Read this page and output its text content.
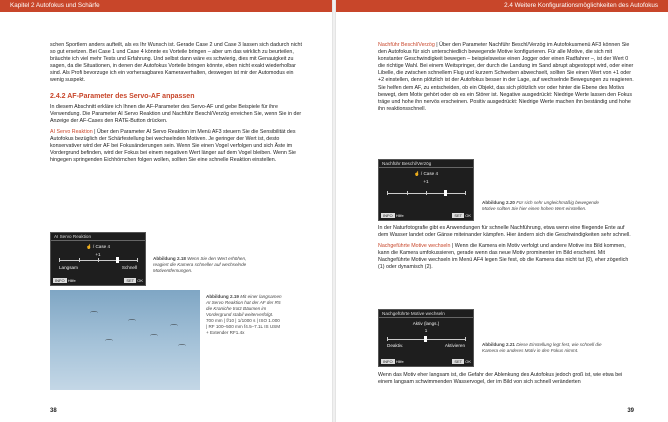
Kapitel 2 Autofokus und Schärfe	2.4 Weitere Konfigurationsmöglichkeiten des Autofokus

schen Sportlern anders aufteilt, als es Ihr Wunsch ist. Gerade Case 2 und Case 3 lassen sich dadurch nicht so gut ersetzen. Bei Case 1 und Case 4 könnte es Vorteile bringen – aber um das wirklich zu beurteilen, bräuchte ich viel mehr Tests und Erfahrung. Und selbst dann wäre es schwierig, dies mit Genauigkeit zu sagen, da die Situationen, in denen der Autofokus Vorteile bringen könnte, eben nicht exakt wiederholbar sind. Als Profi bevorzuge ich ein vorhersagbares Kameraverhalten, deswegen ist mir der Automodus ein wenig suspekt.

2.4.2 AF-Parameter des Servo-AF anpassen

In diesem Abschnitt erkläre ich Ihnen die AF-Parameter des Servo-AF und gebe Beispiele für ihre Verwendung. Die Parameter AI Servo Reaktion und Nachführ Beschl/Verzög erreichen Sie, wenn Sie in der Anzeige der AF-Cases den RATE-Button drücken.

AI Servo Reaktion | Über den Parameter AI Servo Reaktion im Menü AF3 steuern Sie die Sensibilität des Autofokus bezüglich der Schärfestellung bei wechselnden Motiven. Je geringer der Wert ist, desto konservativer wird der AF bei Fokusänderungen sein. Wenn Sie einen Vogel verfolgen und sich Äste im Vordergrund befinden, wird der Fokus bei einem negativen Wert länger auf dem Vogel bleiben. Wenn Sie hingegen springenden Eichhörnchen folgen wollen, sollten Sie eine schnelle Reaktion einstellen.

AI Servo Reaktion
☝ / Case 4
+1
Langsam	Schnell
INFO Hilfe	SET OK
Abbildung 2.18 Wenn Sie den Wert erhöhen, reagiert die Kamera schneller auf wechselnde Motiventfernungen.
⌒
⌒
⌒
⌒
⌒
⌒
Abbildung 2.19 Mit einer langsamen AI Servo Reaktion hat der AF der R5 die Kraniche trotz Bäumen im Vordergrund stabil weiterverfolgt.
700 mm | f/10 | 1/1000 s | ISO 1.000 | RF 100–500 mm f4.5–7.1L IS USM + Extender RF1.4x
38

Nachführ Beschl/Verzög | Über den Parameter Nachführ Beschl/Verzög im Autofokusmenü AF3 können Sie den Autofokus für sich unterschiedlich bewegende Motive konfigurieren. Für alle Motive, die sich mit konstanter Geschwindigkeit bewegen – beispielsweise einen Jogger oder einen Radfahrer –, ist der Wert 0 die richtige Wahl. Bei einem Weitspringer, der durch die Landung im Sand abrupt abgestoppt wird, oder einer Libelle, die zwischen schnellem Flug und kurzem Schweben abwechselt, sollten Sie einen Wert von +1 oder +2 einstellen, denn plötzlich ist der Autofokus besser in der Lage, auf wechselnde Bewegungen zu reagieren. Sie helfen dem AF, zu entscheiden, ob ein Objekt, das sich plötzlich vor oder hinter die Ebene des Motivs bewegt, dem Motiv gehört oder ob es ein Störer ist. Negative ausgedrückt: Niedrige Werte lassen den Fokus träge und hohe ihn nervös erscheinen. Positiv ausgedrückt: Niedrige Werte machen ihn beständig und hohe ihn reaktionsschnell.

Nachführ Beschl/Verzög
☝ / Case 4
+1
INFO Hilfe	SET OK
Abbildung 2.20 Für sich sehr ungleichmäßig bewegende Motive sollten Sie hier einen hohen Wert einstellen.

In der Naturfotografie gibt es Anwendungen für schnelle Nachführung, etwa wenn eine fliegende Ente auf dem Wasser landet oder Gänse miteinander kämpfen. Hier ändern sich die Geschwindigkeiten sehr schnell.

Nachgeführte Motive wechseln | Wenn die Kamera ein Motiv verfolgt und andere Motive ins Bild kommen, kann die Kamera umfokussieren, gerade wenn das neue Motiv prominenter im Bild erscheint. Mit Nachgeführte Motive wechseln im Menü AF4 legen Sie fest, ob die Kamera das nicht tut (0), eher zögerlich (1) oder dynamisch (2).

Nachgeführte Motive wechseln
Aktiv (langs.)
1
Deaktiv.	Aktivieren
INFO Hilfe	SET OK
Abbildung 2.21 Diese Einstellung legt fest, wie schnell die Kamera ein anderes Motiv in den Fokus nimmt.

Wenn das Motiv eher langsam ist, die Gefahr der Ablenkung des Autofokus jedoch groß ist, wie etwa bei einem langsam schwimmenden Wasservogel, der im Bild von sich schnell veränderten

39
